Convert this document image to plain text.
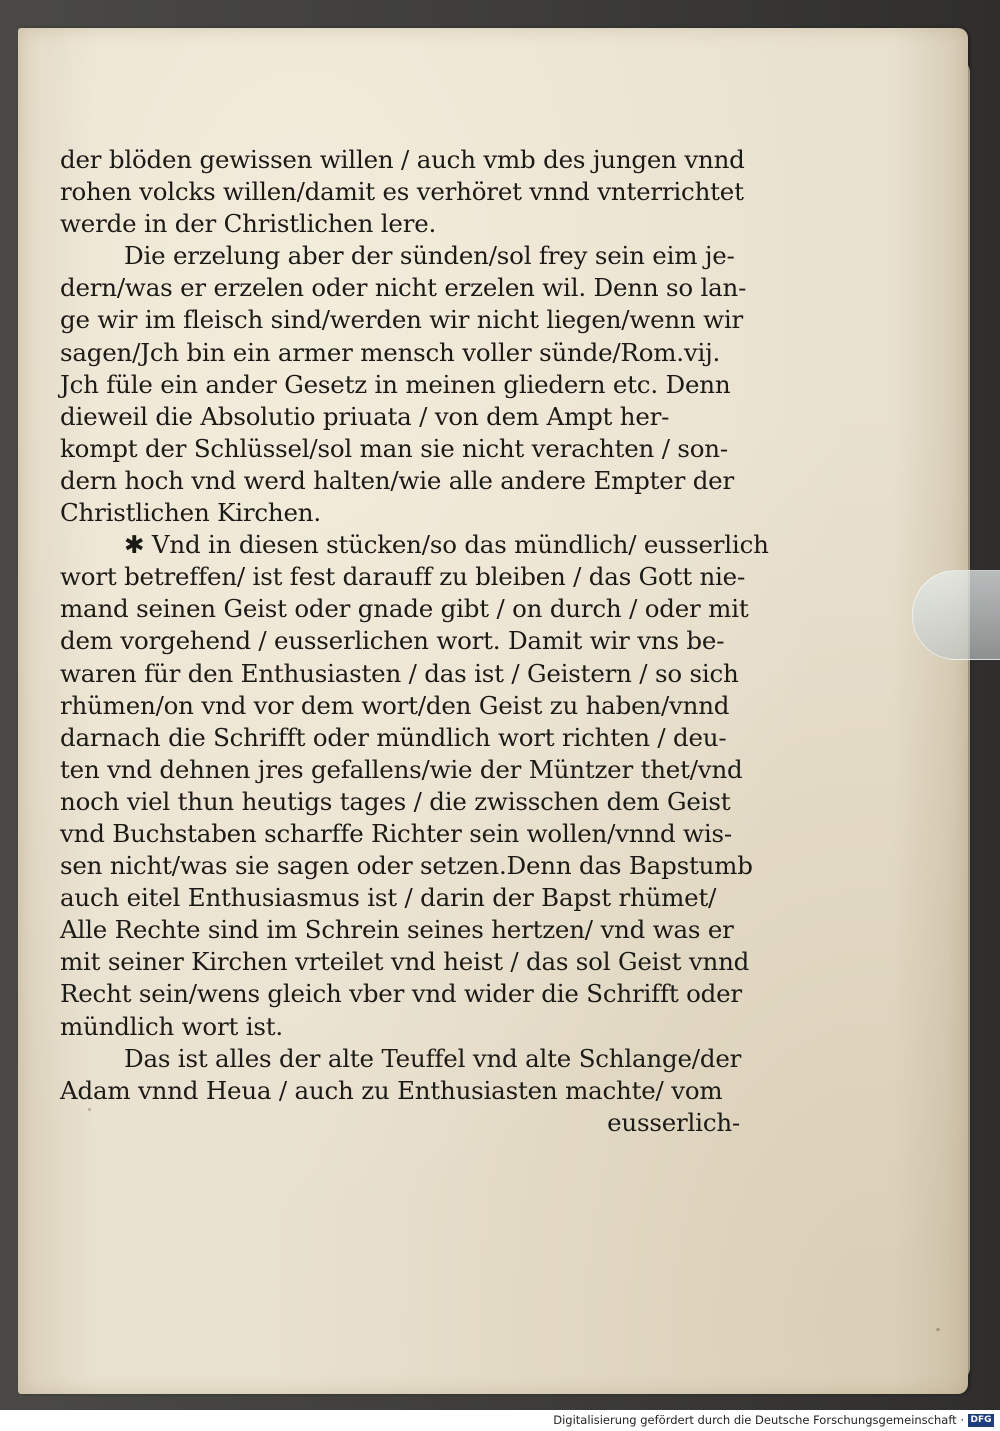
der blöden gewissen willen / auch vmb des jungen vnnd
rohen volcks willen/damit es verhöret vnnd vnterrichtet
werde in der Christlichen lere.
Die erzelung aber der sünden/sol frey sein eim je-
dern/was er erzelen oder nicht erzelen wil. Denn so lan-
ge wir im fleisch sind/werden wir nicht liegen/wenn wir
sagen/Jch bin ein armer mensch voller sünde/Rom.vij.
Jch füle ein ander Gesetz in meinen gliedern etc. Denn
dieweil die Absolutio priuata / von dem Ampt her-
kompt der Schlüssel/sol man sie nicht verachten / son-
dern hoch vnd werd halten/wie alle andere Empter der
Christlichen Kirchen.
✱ Vnd in diesen stücken/so das mündlich/ eusserlich
wort betreffen/ ist fest darauff zu bleiben / das Gott nie-
mand seinen Geist oder gnade gibt / on durch / oder mit
dem vorgehend / eusserlichen wort. Damit wir vns be-
waren für den Enthusiasten / das ist / Geistern / so sich
rhümen/on vnd vor dem wort/den Geist zu haben/vnnd
darnach die Schrifft oder mündlich wort richten / deu-
ten vnd dehnen jres gefallens/wie der Müntzer thet/vnd
noch viel thun heutigs tages / die zwisschen dem Geist
vnd Buchstaben scharffe Richter sein wollen/vnnd wis-
sen nicht/was sie sagen oder setzen.Denn das Bapstumb
auch eitel Enthusiasmus ist / darin der Bapst rhümet/
Alle Rechte sind im Schrein seines hertzen/ vnd was er
mit seiner Kirchen vrteilet vnd heist / das sol Geist vnnd
Recht sein/wens gleich vber vnd wider die Schrifft oder
mündlich wort ist.
Das ist alles der alte Teuffel vnd alte Schlange/der
Adam vnnd Heua / auch zu Enthusiasten machte/ vom
eusserlich-
Digitalisierung gefördert durch die Deutsche Forschungsgemeinschaft · DFG
